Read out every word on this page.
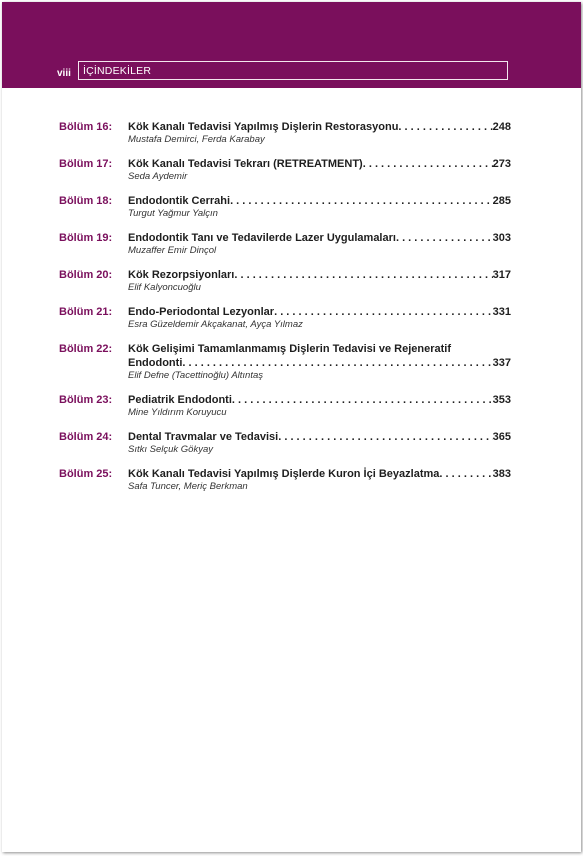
viii İÇİNDEKİLER
Bölüm 16:	Kök Kanalı Tedavisi Yapılmış Dişlerin Restorasyonu . . .	248
Mustafa Demirci, Ferda Karabay
Bölüm 17:	Kök Kanalı Tedavisi Tekrarı (RETREATMENT) . . .	273
Seda Aydemir
Bölüm 18:	Endodontik Cerrahi . . .	285
Turgut Yağmur Yalçın
Bölüm 19:	Endodontik Tanı ve Tedavilerde Lazer Uygulamaları . . .	303
Muzaffer Emir Dinçol
Bölüm 20:	Kök Rezorpsiyonları . . .	317
Elif Kalyoncuoğlu
Bölüm 21:	Endo-Periodontal Lezyonlar . . .	331
Esra Güzeldemir Akçakanat, Ayça Yılmaz
Bölüm 22:	Kök Gelişimi Tamamlanmamış Dişlerin Tedavisi ve Rejeneratif
Endodonti . . .	337
Elif Defne (Tacettinoğlu) Altıntaş
Bölüm 23:	Pediatrik Endodonti . . .	353
Mine Yıldırım Koruyucu
Bölüm 24:	Dental Travmalar ve Tedavisi . . .	365
Sıtkı Selçuk Gökyay
Bölüm 25:	Kök Kanalı Tedavisi Yapılmış Dişlerde Kuron İçi Beyazlatma . . .	383
Safa Tuncer, Meriç Berkman
